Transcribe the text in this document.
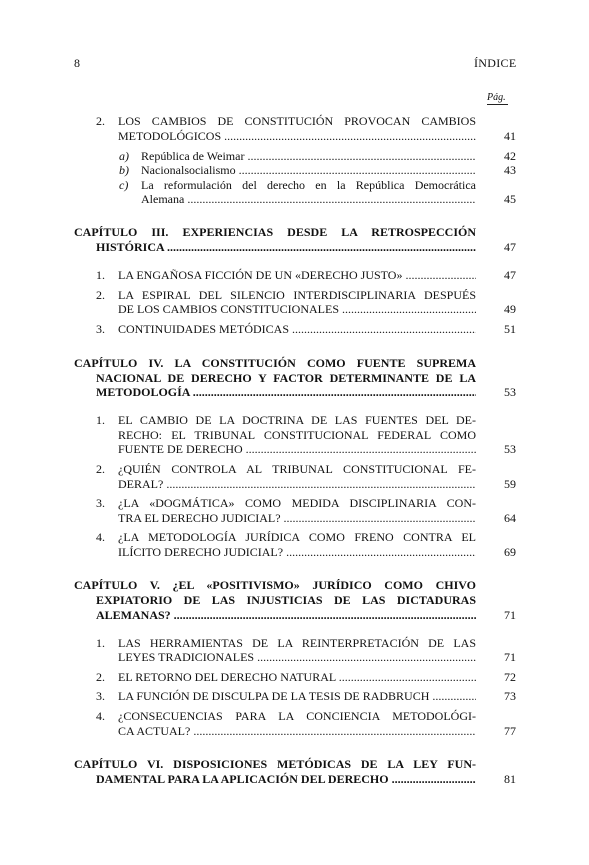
8	ÍNDICE
Pág.
2. LOS CAMBIOS DE CONSTITUCIÓN PROVOCAN CAMBIOS
METODOLÓGICOS .....	41
a) República de Weimar .....	42
b) Nacionalsocialismo .....	43
c) La reformulación del derecho en la República Democrática
Alemana .....	45
CAPÍTULO III. EXPERIENCIAS DESDE LA RETROSPECCIÓN
HISTÓRICA .....	47
1. LA ENGAÑOSA FICCIÓN DE UN «DERECHO JUSTO» .....	47
2. LA ESPIRAL DEL SILENCIO INTERDISCIPLINARIA DESPUÉS
DE LOS CAMBIOS CONSTITUCIONALES .....	49
3. CONTINUIDADES METÓDICAS .....	51
CAPÍTULO IV. LA CONSTITUCIÓN COMO FUENTE SUPREMA
NACIONAL DE DERECHO Y FACTOR DETERMINANTE DE LA
METODOLOGÍA .....	53
1. EL CAMBIO DE LA DOCTRINA DE LAS FUENTES DEL DE-
RECHO: EL TRIBUNAL CONSTITUCIONAL FEDERAL COMO
FUENTE DE DERECHO .....	53
2. ¿QUIÉN CONTROLA AL TRIBUNAL CONSTITUCIONAL FE-
DERAL? .....	59
3. ¿LA «DOGMÁTICA» COMO MEDIDA DISCIPLINARIA CON-
TRA EL DERECHO JUDICIAL? .....	64
4. ¿LA METODOLOGÍA JURÍDICA COMO FRENO CONTRA EL
ILÍCITO DERECHO JUDICIAL? .....	69
CAPÍTULO V. ¿EL «POSITIVISMO» JURÍDICO COMO CHIVO
EXPIATORIO DE LAS INJUSTICIAS DE LAS DICTADURAS
ALEMANAS? .....	71
1. LAS HERRAMIENTAS DE LA REINTERPRETACIÓN DE LAS
LEYES TRADICIONALES .....	71
2. EL RETORNO DEL DERECHO NATURAL .....	72
3. LA FUNCIÓN DE DISCULPA DE LA TESIS DE RADBRUCH .....	73
4. ¿CONSECUENCIAS PARA LA CONCIENCIA METODOLÓGI-
CA ACTUAL? .....	77
CAPÍTULO VI. DISPOSICIONES METÓDICAS DE LA LEY FUN-
DAMENTAL PARA LA APLICACIÓN DEL DERECHO .....	81
